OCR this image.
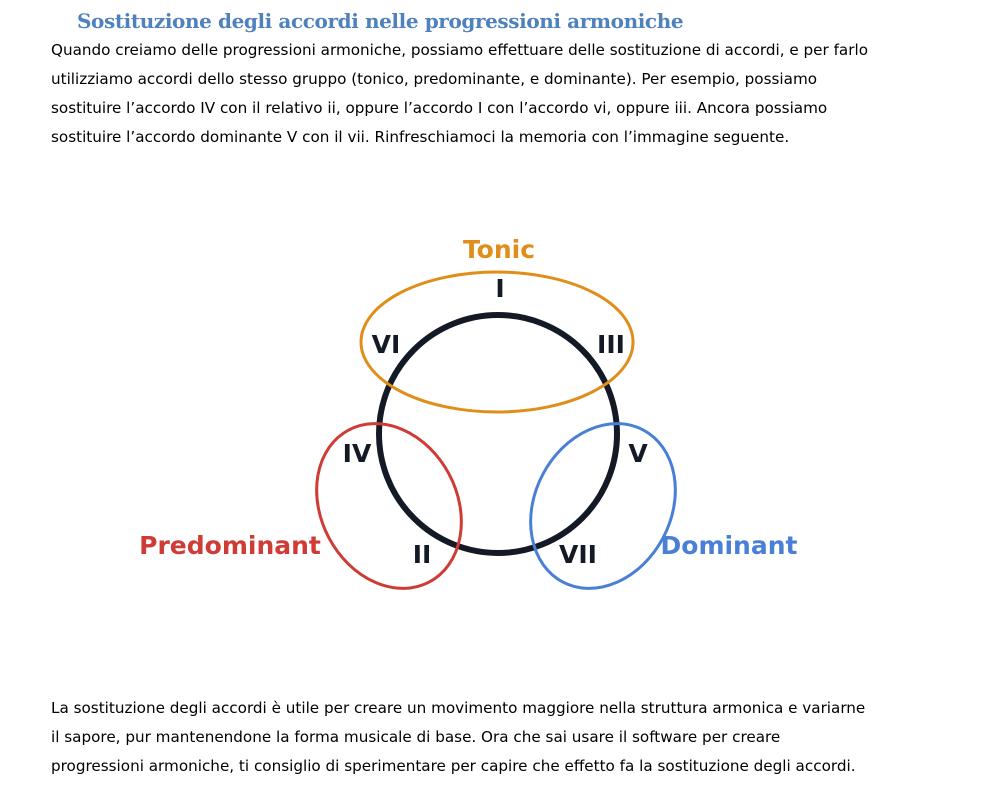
Sostituzione degli accordi nelle progressioni armoniche
Quando creiamo delle progressioni armoniche, possiamo effettuare delle sostituzione di accordi, e per farlo
utilizziamo accordi dello stesso gruppo (tonico, predominante, e dominante). Per esempio, possiamo
sostituire l’accordo IV con il relativo ii, oppure l’accordo I con l’accordo vi, oppure iii. Ancora possiamo
sostituire l’accordo dominante V con il vii. Rinfreschiamoci la memoria con l’immagine seguente.
Tonic
Predominant	Dominant
I
VI	III
IV	V
II	VII
La sostituzione degli accordi è utile per creare un movimento maggiore nella struttura armonica e variarne
il sapore, pur mantenendone la forma musicale di base. Ora che sai usare il software per creare
progressioni armoniche, ti consiglio di sperimentare per capire che effetto fa la sostituzione degli accordi.
